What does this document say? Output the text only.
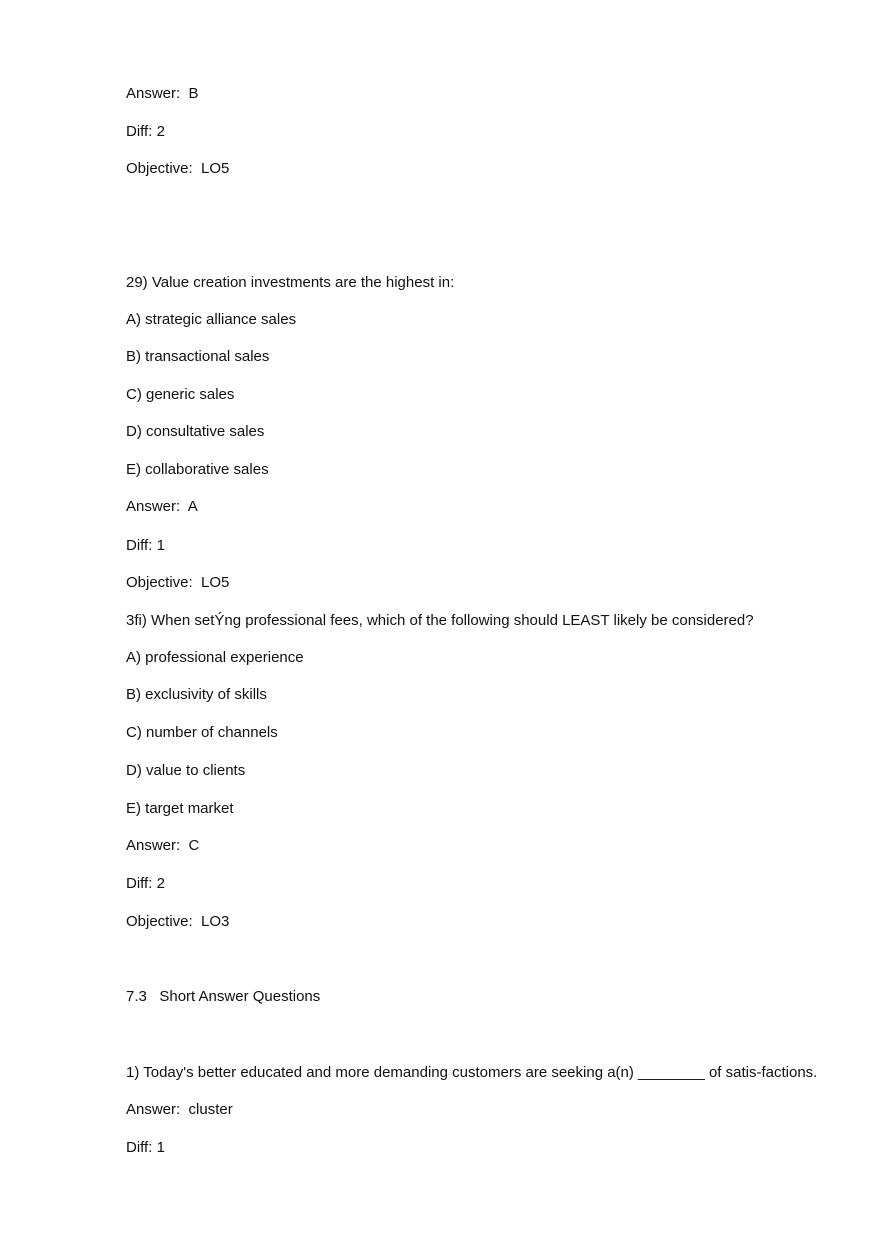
Answer:  B

Diff: 2

Objective:  LO5

29) Value creation investments are the highest in:

A) strategic alliance sales

B) transactional sales

C) generic sales

D) consultative sales

E) collaborative sales

Answer:  A

Diff: 1

Objective:  LO5

3fi) When setÝng professional fees, which of the following should LEAST likely be considered?

A) professional experience

B) exclusivity of skills

C) number of channels

D) value to clients

E) target market

Answer:  C

Diff: 2

Objective:  LO3

7.3   Short Answer Questions

1) Today's better educated and more demanding customers are seeking a(n) ________ of satis-factions.

Answer:  cluster

Diff: 1
